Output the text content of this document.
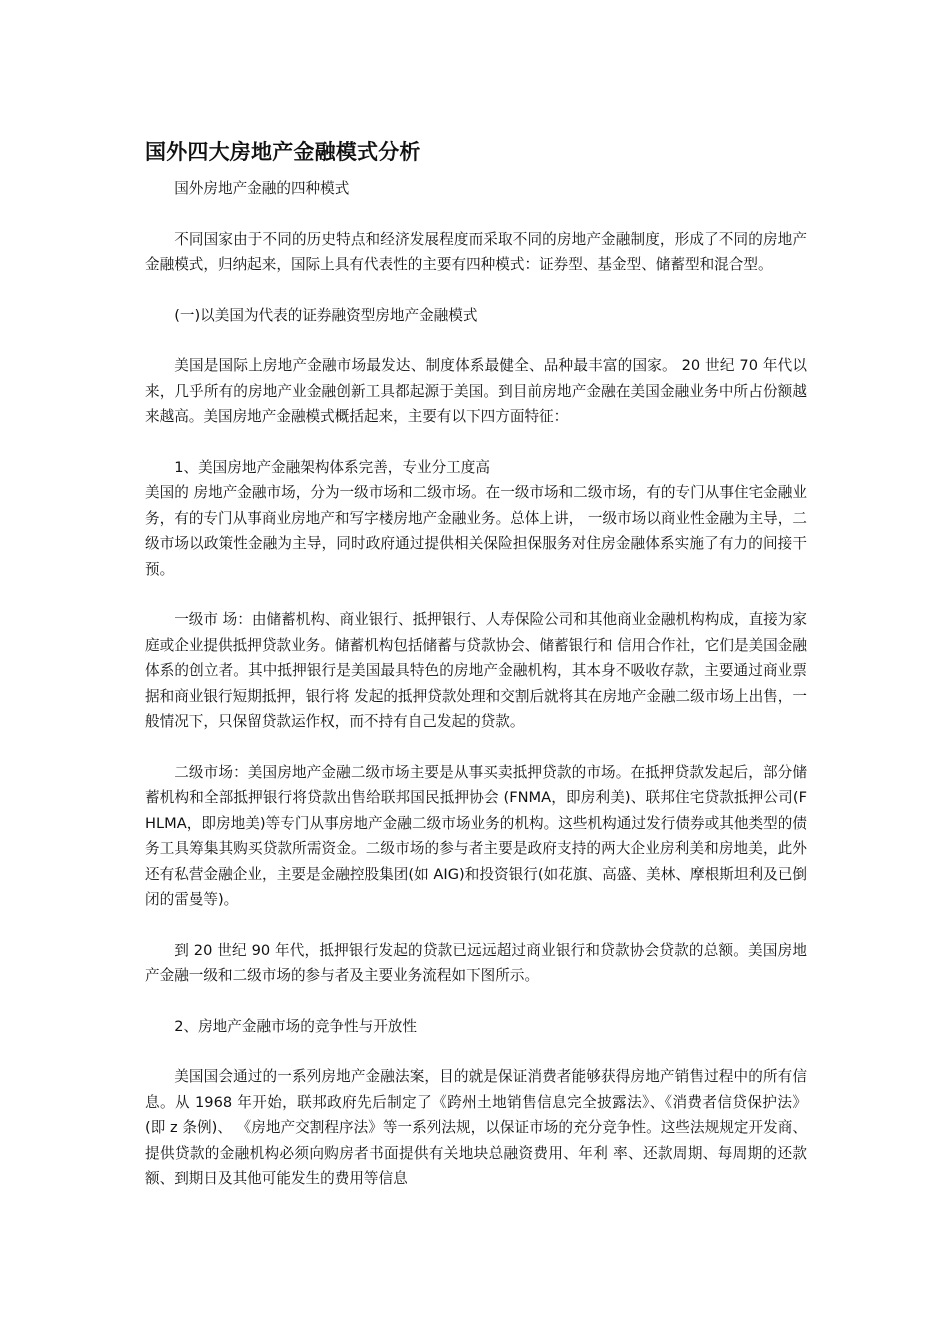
国外四大房地产金融模式分析

国外房地产金融的四种模式

不同国家由于不同的历史特点和经济发展程度而采取不同的房地产金融制度，形成了不同的房地产金融模式，归纳起来，国际上具有代表性的主要有四种模式：证券型、基金型、储蓄型和混合型。

(一)以美国为代表的证券融资型房地产金融模式

美国是国际上房地产金融市场最发达、制度体系最健全、品种最丰富的国家。 20 世纪 70 年代以来，几乎所有的房地产业金融创新工具都起源于美国。到目前房地产金融在美国金融业务中所占份额越来越高。美国房地产金融模式概括起来，主要有以下四方面特征：

1、美国房地产金融架构体系完善，专业分工度高

美国的 房地产金融市场，分为一级市场和二级市场。在一级市场和二级市场，有的专门从事住宅金融业务，有的专门从事商业房地产和写字楼房地产金融业务。总体上讲， 一级市场以商业性金融为主导，二级市场以政策性金融为主导，同时政府通过提供相关保险担保服务对住房金融体系实施了有力的间接干预。

一级市 场：由储蓄机构、商业银行、抵押银行、人寿保险公司和其他商业金融机构构成，直接为家庭或企业提供抵押贷款业务。储蓄机构包括储蓄与贷款协会、储蓄银行和 信用合作社，它们是美国金融体系的创立者。其中抵押银行是美国最具特色的房地产金融机构，其本身不吸收存款，主要通过商业票据和商业银行短期抵押，银行将 发起的抵押贷款处理和交割后就将其在房地产金融二级市场上出售，一般情况下，只保留贷款运作权，而不持有自己发起的贷款。

二级市场：美国房地产金融二级市场主要是从事买卖抵押贷款的市场。在抵押贷款发起后，部分储蓄机构和全部抵押银行将贷款出售给联邦国民抵押协会 (FNMA，即房利美)、联邦住宅贷款抵押公司(FHLMA，即房地美)等专门从事房地产金融二级市场业务的机构。这些机构通过发行债券或其他类型的债务工具筹集其购买贷款所需资金。二级市场的参与者主要是政府支持的两大企业房利美和房地美，此外还有私营金融企业，主要是金融控股集团(如 AIG)和投资银行(如花旗、高盛、美林、摩根斯坦利及已倒闭的雷曼等)。

到 20 世纪 90 年代，抵押银行发起的贷款已远远超过商业银行和贷款协会贷款的总额。美国房地产金融一级和二级市场的参与者及主要业务流程如下图所示。

2、房地产金融市场的竞争性与开放性

美国国会通过的一系列房地产金融法案，目的就是保证消费者能够获得房地产销售过程中的所有信息。从 1968 年开始，联邦政府先后制定了《跨州土地销售信息完全披露法》、《消费者信贷保护法》(即 z 条例)、 《房地产交割程序法》等一系列法规，以保证市场的充分竞争性。这些法规规定开发商、提供贷款的金融机构必须向购房者书面提供有关地块总融资费用、年利 率、还款周期、每周期的还款额、到期日及其他可能发生的费用等信息
